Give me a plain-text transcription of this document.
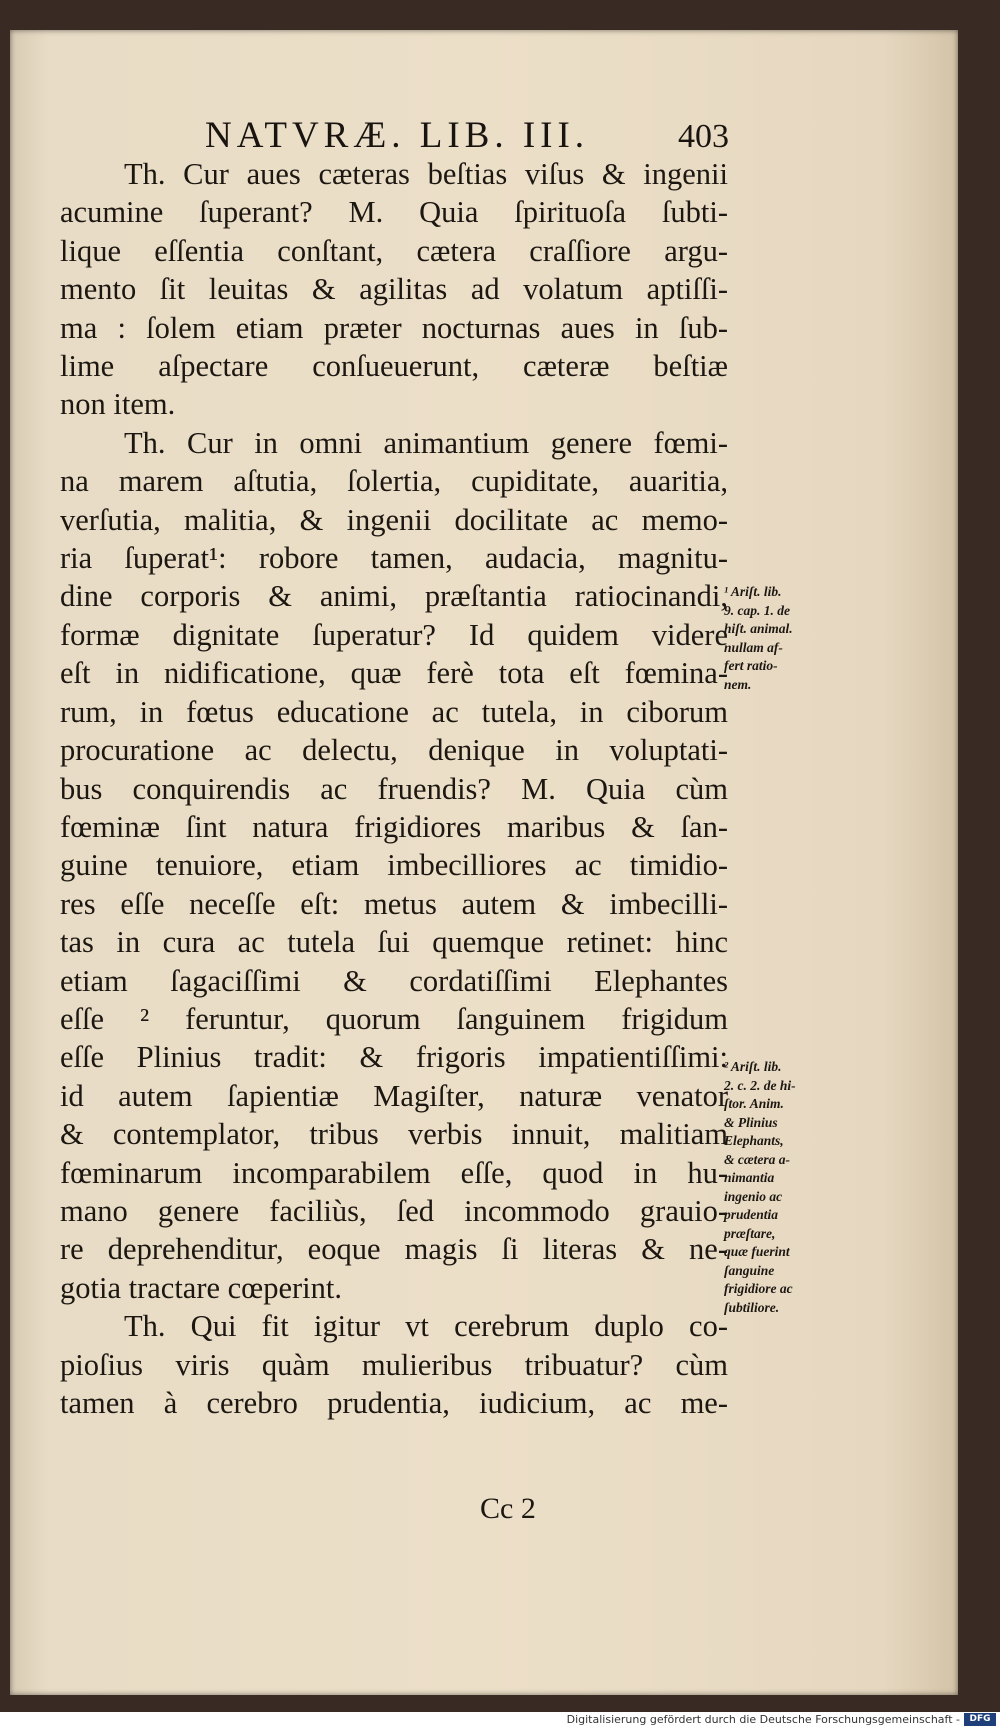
NATVRÆ. LIB. III.	403

Th. Cur aues cæteras beſtias viſus & ingenii
acumine ſuperant? M. Quia ſpirituoſa ſubti-
lique eſſentia conſtant, cætera craſſiore argu-
mento ſit leuitas & agilitas ad volatum aptiſſi-
ma : ſolem etiam præter nocturnas aues in ſub-
lime aſpectare conſueuerunt, cæteræ beſtiæ
non item.

Th. Cur in omni animantium genere fœmi-
na marem aſtutia, ſolertia, cupiditate, auaritia,
verſutia, malitia, & ingenii docilitate ac memo-
ria ſuperat¹: robore tamen, audacia, magnitu-
dine corporis & animi, præſtantia ratiocinandi,
formæ dignitate ſuperatur? Id quidem videre
eſt in nidificatione, quæ ferè tota eſt fœmina-
rum, in fœtus educatione ac tutela, in ciborum
procuratione ac delectu, denique in voluptati-
bus conquirendis ac fruendis? M. Quia cùm
fœminæ ſint natura frigidiores maribus & ſan-
guine tenuiore, etiam imbecilliores ac timidio-
res eſſe neceſſe eſt: metus autem & imbecilli-
tas in cura ac tutela ſui quemque retinet: hinc
etiam ſagaciſſimi & cordatiſſimi Elephantes
eſſe ² feruntur, quorum ſanguinem frigidum
eſſe Plinius tradit: & frigoris impatientiſſimi:
id autem ſapientiæ Magiſter, naturæ venator
& contemplator, tribus verbis innuit, malitiam
fœminarum incomparabilem eſſe, quod in hu-
mano genere faciliùs, ſed incommodo grauio-
re deprehenditur, eoque magis ſi literas & ne-
gotia tractare cœperint.

Th. Qui fit igitur vt cerebrum duplo co-
pioſius viris quàm mulieribus tribuatur? cùm
tamen à cerebro prudentia, iudicium, ac me-

¹ Ariſt. lib.
9. cap. 1. de
hiſt. animal.
nullam af-
fert ratio-
nem.
² Ariſt. lib.
2. c. 2. de hi-
ſtor. Anim.
& Plinius
Elephants,
& cætera a-
nimantia
ingenio ac
prudentia
præſtare,
quæ fuerint
ſanguine
frigidiore ac
ſubtiliore.
Cc 2
Digitalisierung gefördert durch die Deutsche Forschungsgemeinschaft -	DFG
